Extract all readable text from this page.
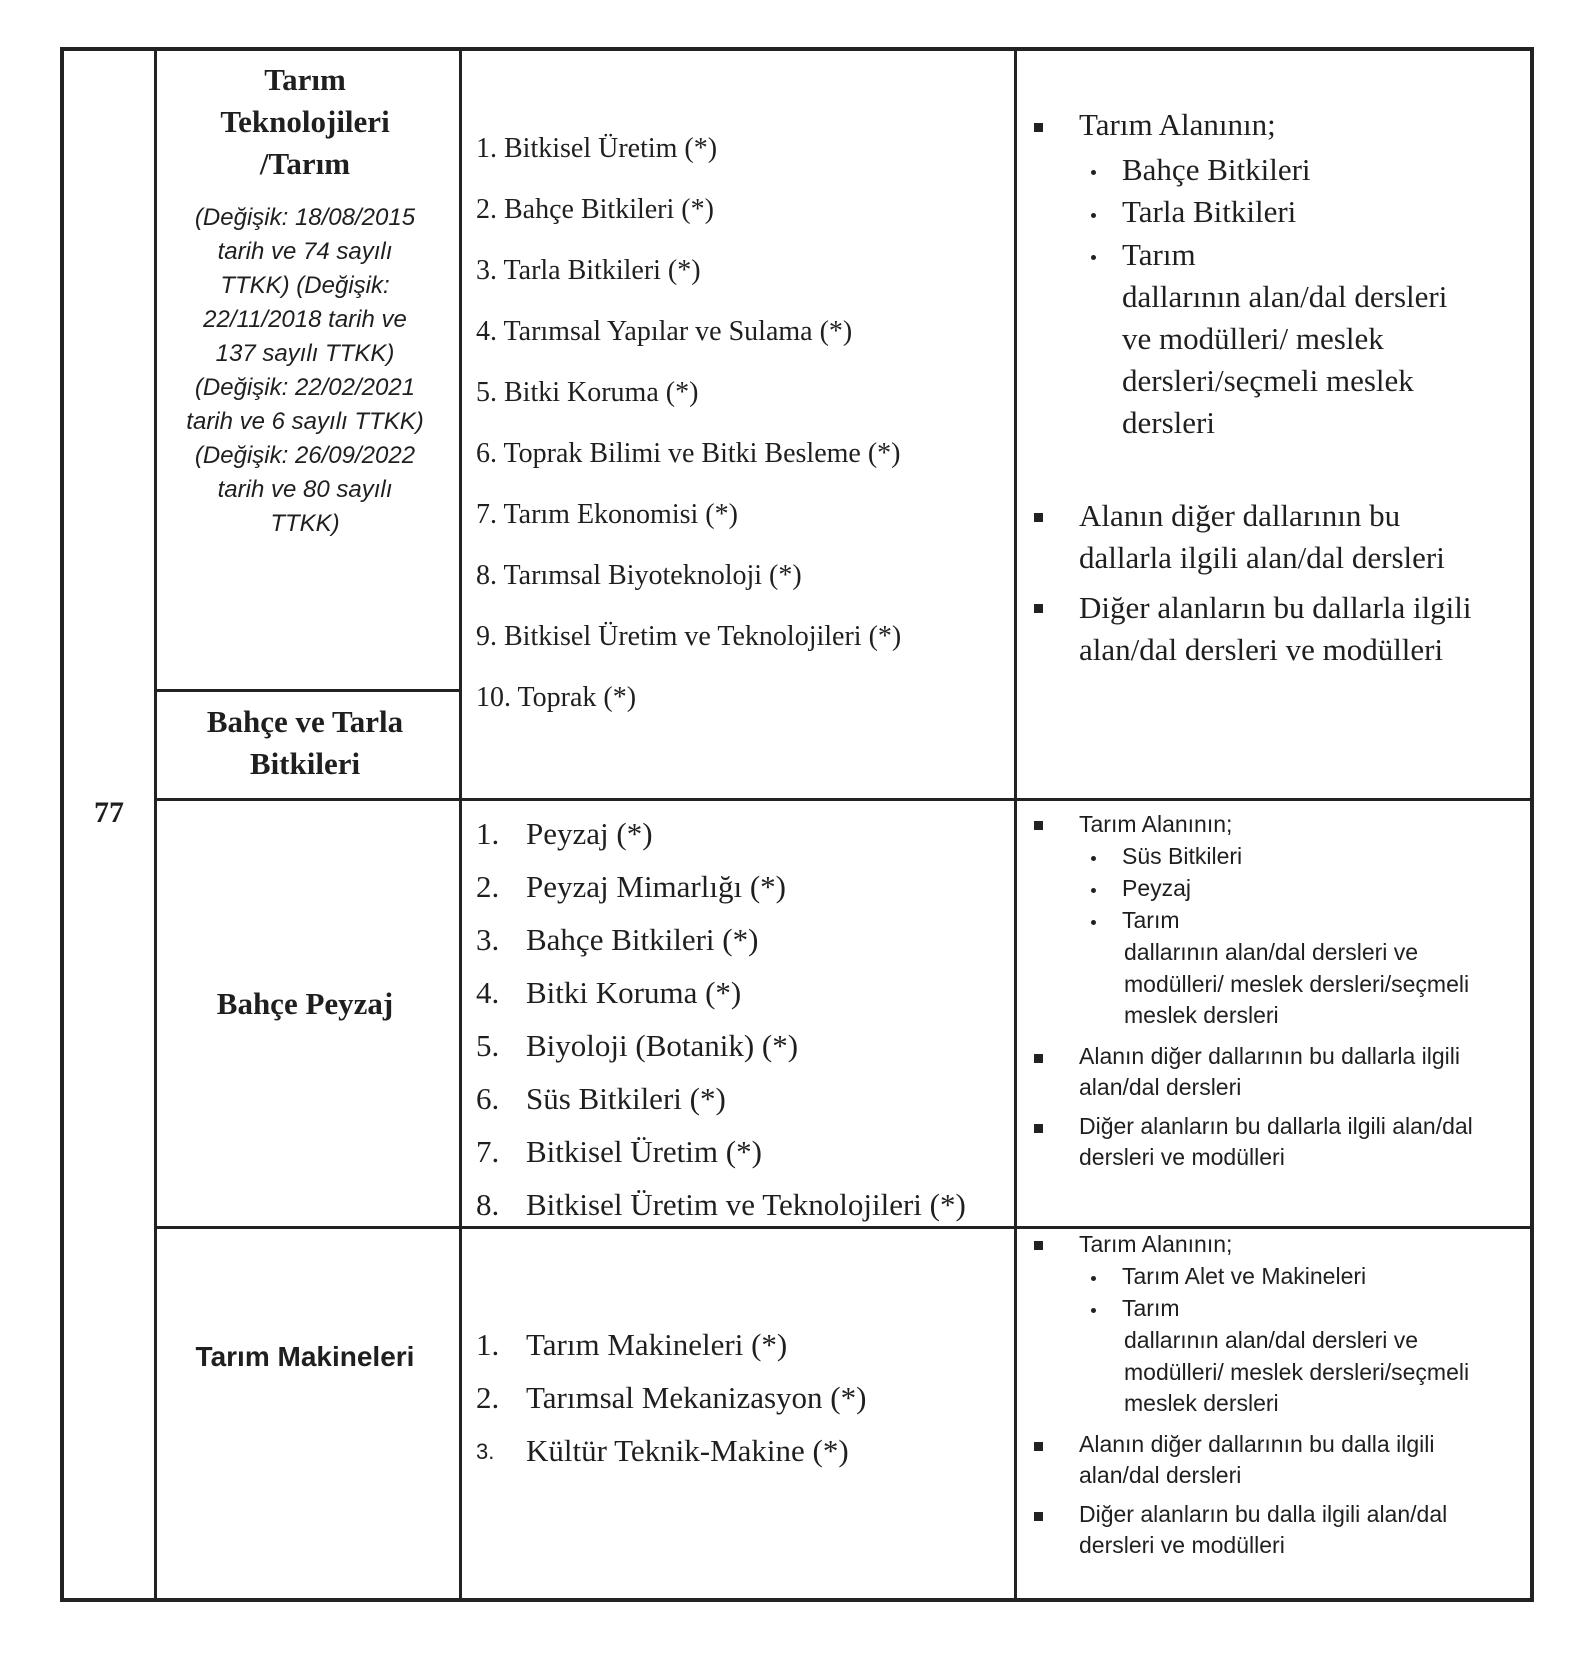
77
Tarım
Teknolojileri
/Tarım
(Değişik: 18/08/2015
tarih ve 74 sayılı
TTKK) (Değişik:
22/11/2018 tarih ve
137 sayılı TTKK)
(Değişik: 22/02/2021
tarih ve 6 sayılı TTKK)
(Değişik: 26/09/2022
tarih ve 80 sayılı
TTKK)
Bahçe ve Tarla
Bitkileri
1. Bitkisel Üretim (*)
2. Bahçe Bitkileri (*)
3. Tarla Bitkileri (*)
4. Tarımsal Yapılar ve Sulama (*)
5. Bitki Koruma (*)
6. Toprak Bilimi ve Bitki Besleme (*)
7. Tarım Ekonomisi (*)
8. Tarımsal Biyoteknoloji (*)
9. Bitkisel Üretim ve Teknolojileri (*)
10. Toprak (*)
Tarım Alanının;
Bahçe Bitkileri
Tarla Bitkileri
Tarım
dallarının alan/dal dersleri
ve modülleri/ meslek
dersleri/seçmeli meslek
dersleri
Alanın diğer dallarının bu
dallarla ilgili alan/dal dersleri
Diğer alanların bu dallarla ilgili
alan/dal dersleri ve modülleri
Bahçe Peyzaj
1. Peyzaj (*)
2. Peyzaj Mimarlığı (*)
3. Bahçe Bitkileri (*)
4. Bitki Koruma (*)
5. Biyoloji (Botanik) (*)
6. Süs Bitkileri (*)
7. Bitkisel Üretim (*)
8. Bitkisel Üretim ve Teknolojileri (*)
Tarım Alanının;
Süs Bitkileri
Peyzaj
Tarım
dallarının alan/dal dersleri ve
modülleri/ meslek dersleri/seçmeli
meslek dersleri
Alanın diğer dallarının bu dallarla ilgili
alan/dal dersleri
Diğer alanların bu dallarla ilgili alan/dal
dersleri ve modülleri
Tarım Makineleri	1. Tarım Makineleri (*)
2. Tarımsal Mekanizasyon (*)
3.	Kültür Teknik-Makine (*)
Tarım Alanının;
Tarım Alet ve Makineleri
Tarım
dallarının alan/dal dersleri ve
modülleri/ meslek dersleri/seçmeli
meslek dersleri
Alanın diğer dallarının bu dalla ilgili
alan/dal dersleri
Diğer alanların bu dalla ilgili alan/dal
dersleri ve modülleri
